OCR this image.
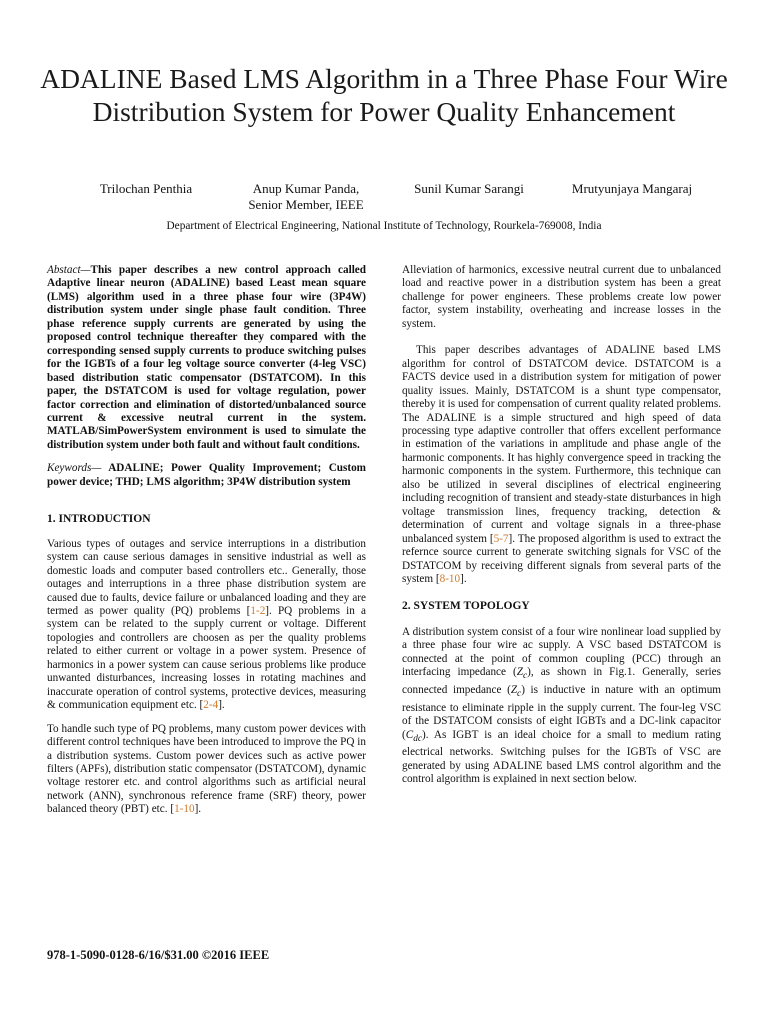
ADALINE Based LMS Algorithm in a Three Phase Four Wire Distribution System for Power Quality Enhancement
Trilochan Penthia	Anup Kumar Panda,
Senior Member, IEEE
Sunil Kumar Sarangi	Mrutyunjaya Mangaraj
Department of Electrical Engineering, National Institute of Technology, Rourkela-769008, India

Abstact—This paper describes a new control approach called Adaptive linear neuron (ADALINE) based Least mean square (LMS) algorithm used in a three phase four wire (3P4W) distribution system under single phase fault condition. Three phase reference supply currents are generated by using the proposed control technique thereafter they compared with the corresponding sensed supply currents to produce switching pulses for the IGBTs of a four leg voltage source converter (4-leg VSC) based distribution static compensator (DSTATCOM). In this paper, the DSTATCOM is used for voltage regulation, power factor correction and elimination of distorted/unbalanced source current & excessive neutral current in the system. MATLAB/SimPowerSystem environment is used to simulate the distribution system under both fault and without fault conditions.

Keywords— ADALINE; Power Quality Improvement; Custom power device; THD; LMS algorithm; 3P4W distribution system

1. INTRODUCTION

Various types of outages and service interruptions in a distribution system can cause serious damages in sensitive industrial as well as domestic loads and computer based controllers etc.. Generally, those outages and interruptions in a three phase distribution system are caused due to faults, device failure or unbalanced loading and they are termed as power quality (PQ) problems [1-2]. PQ problems in a system can be related to the supply current or voltage. Different topologies and controllers are choosen as per the quality problems related to either current or voltage in a power system. Presence of harmonics in a power system can cause serious problems like produce unwanted disturbances, increasing losses in rotating machines and inaccurate operation of control systems, protective devices, measuring & communication equipment etc. [2-4].

To handle such type of PQ problems, many custom power devices with different control techniques have been introduced to improve the PQ in a distribution systems. Custom power devices such as active power filters (APFs), distribution static compensator (DSTATCOM), dynamic voltage restorer etc. and control algorithms such as artificial neural network (ANN), synchronous reference frame (SRF) theory, power balanced theory (PBT) etc. [1-10].

Alleviation of harmonics, excessive neutral current due to unbalanced load and reactive power in a distribution system has been a great challenge for power engineers. These problems create low power factor, system instability, overheating and increase losses in the system.

This paper describes advantages of ADALINE based LMS algorithm for control of DSTATCOM device. DSTATCOM is a FACTS device used in a distribution system for mitigation of power quality issues. Mainly, DSTATCOM is a shunt type compensator, thereby it is used for compensation of current quality related problems. The ADALINE is a simple structured and high speed of data processing type adaptive controller that offers excellent performance in estimation of the variations in amplitude and phase angle of the harmonic components. It has highly convergence speed in tracking the harmonic components in the system. Furthermore, this technique can also be utilized in several disciplines of electrical engineering including recognition of transient and steady-state disturbances in high voltage transmission lines, frequency tracking, detection & determination of current and voltage signals in a three-phase unbalanced system [5-7]. The proposed algorithm is used to extract the refernce source current to generate switching signals for VSC of the DSTATCOM by receiving different signals from several parts of the system [8-10].

2. SYSTEM TOPOLOGY

A distribution system consist of a four wire nonlinear load supplied by a three phase four wire ac supply. A VSC based DSTATCOM is connected at the point of common coupling (PCC) through an interfacing impedance $(Z_c)$, as shown in Fig.1. Generally, series connected impedance $(Z_c)$ is inductive in nature with an optimum resistance to eliminate ripple in the supply current. The four-leg VSC of the DSTATCOM consists of eight IGBTs and a DC-link capacitor $(C_{dc})$. As IGBT is an ideal choice for a small to medium rating electrical networks. Switching pulses for the IGBTs of VSC are generated by using ADALINE based LMS control algorithm and the control algorithm is explained in next section below.

978-1-5090-0128-6/16/$31.00 ©2016 IEEE
